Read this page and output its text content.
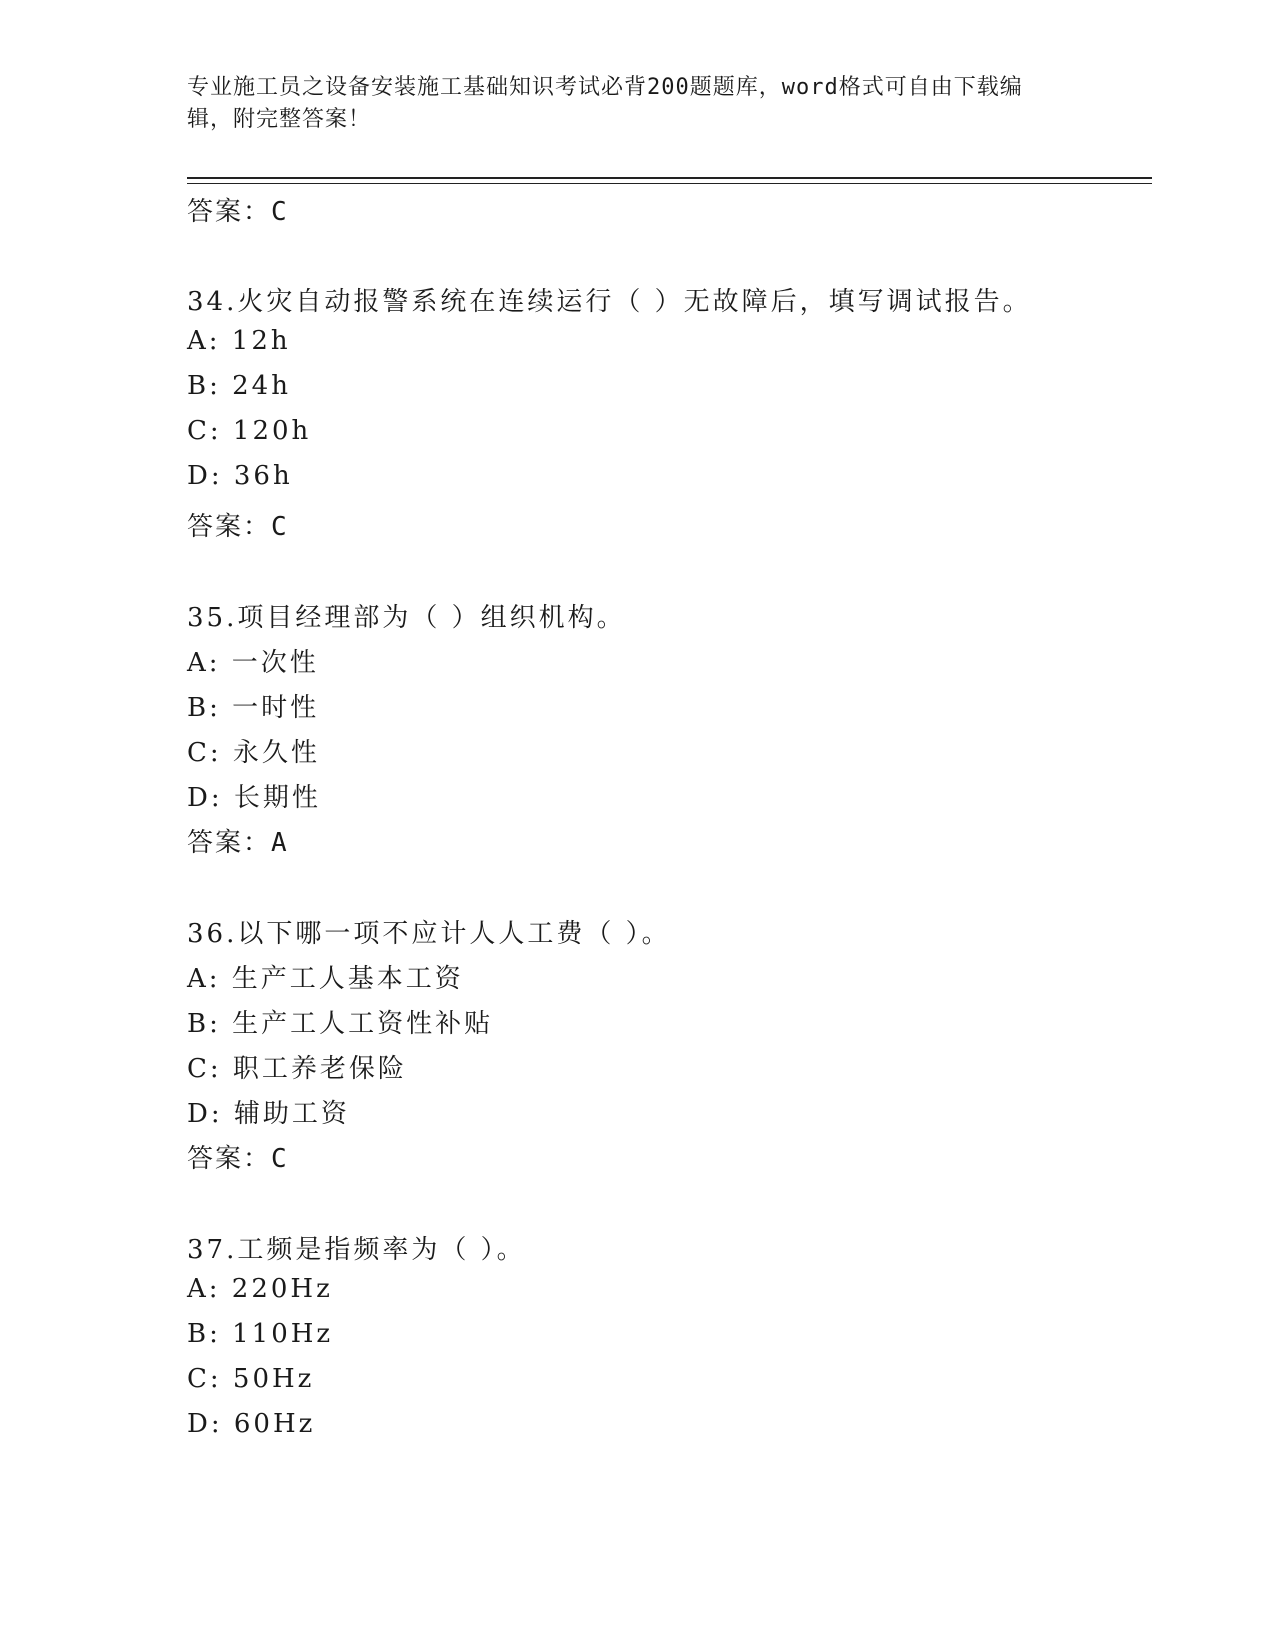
专业施工员之设备安装施工基础知识考试必背200题题库，word格式可自由下载编辑，附完整答案！
答案：C
34.火灾自动报警系统在连续运行（ ）无故障后，填写调试报告。
A: 12h
B: 24h
C: 120h
D: 36h
答案：C
35.项目经理部为（ ）组织机构。
A: 一次性
B: 一时性
C: 永久性
D: 长期性
答案：A
36.以下哪一项不应计人人工费（ ）。
A: 生产工人基本工资
B: 生产工人工资性补贴
C: 职工养老保险
D: 辅助工资
答案：C
37.工频是指频率为（ ）。
A: 220Hz
B: 110Hz
C: 50Hz
D: 60Hz
